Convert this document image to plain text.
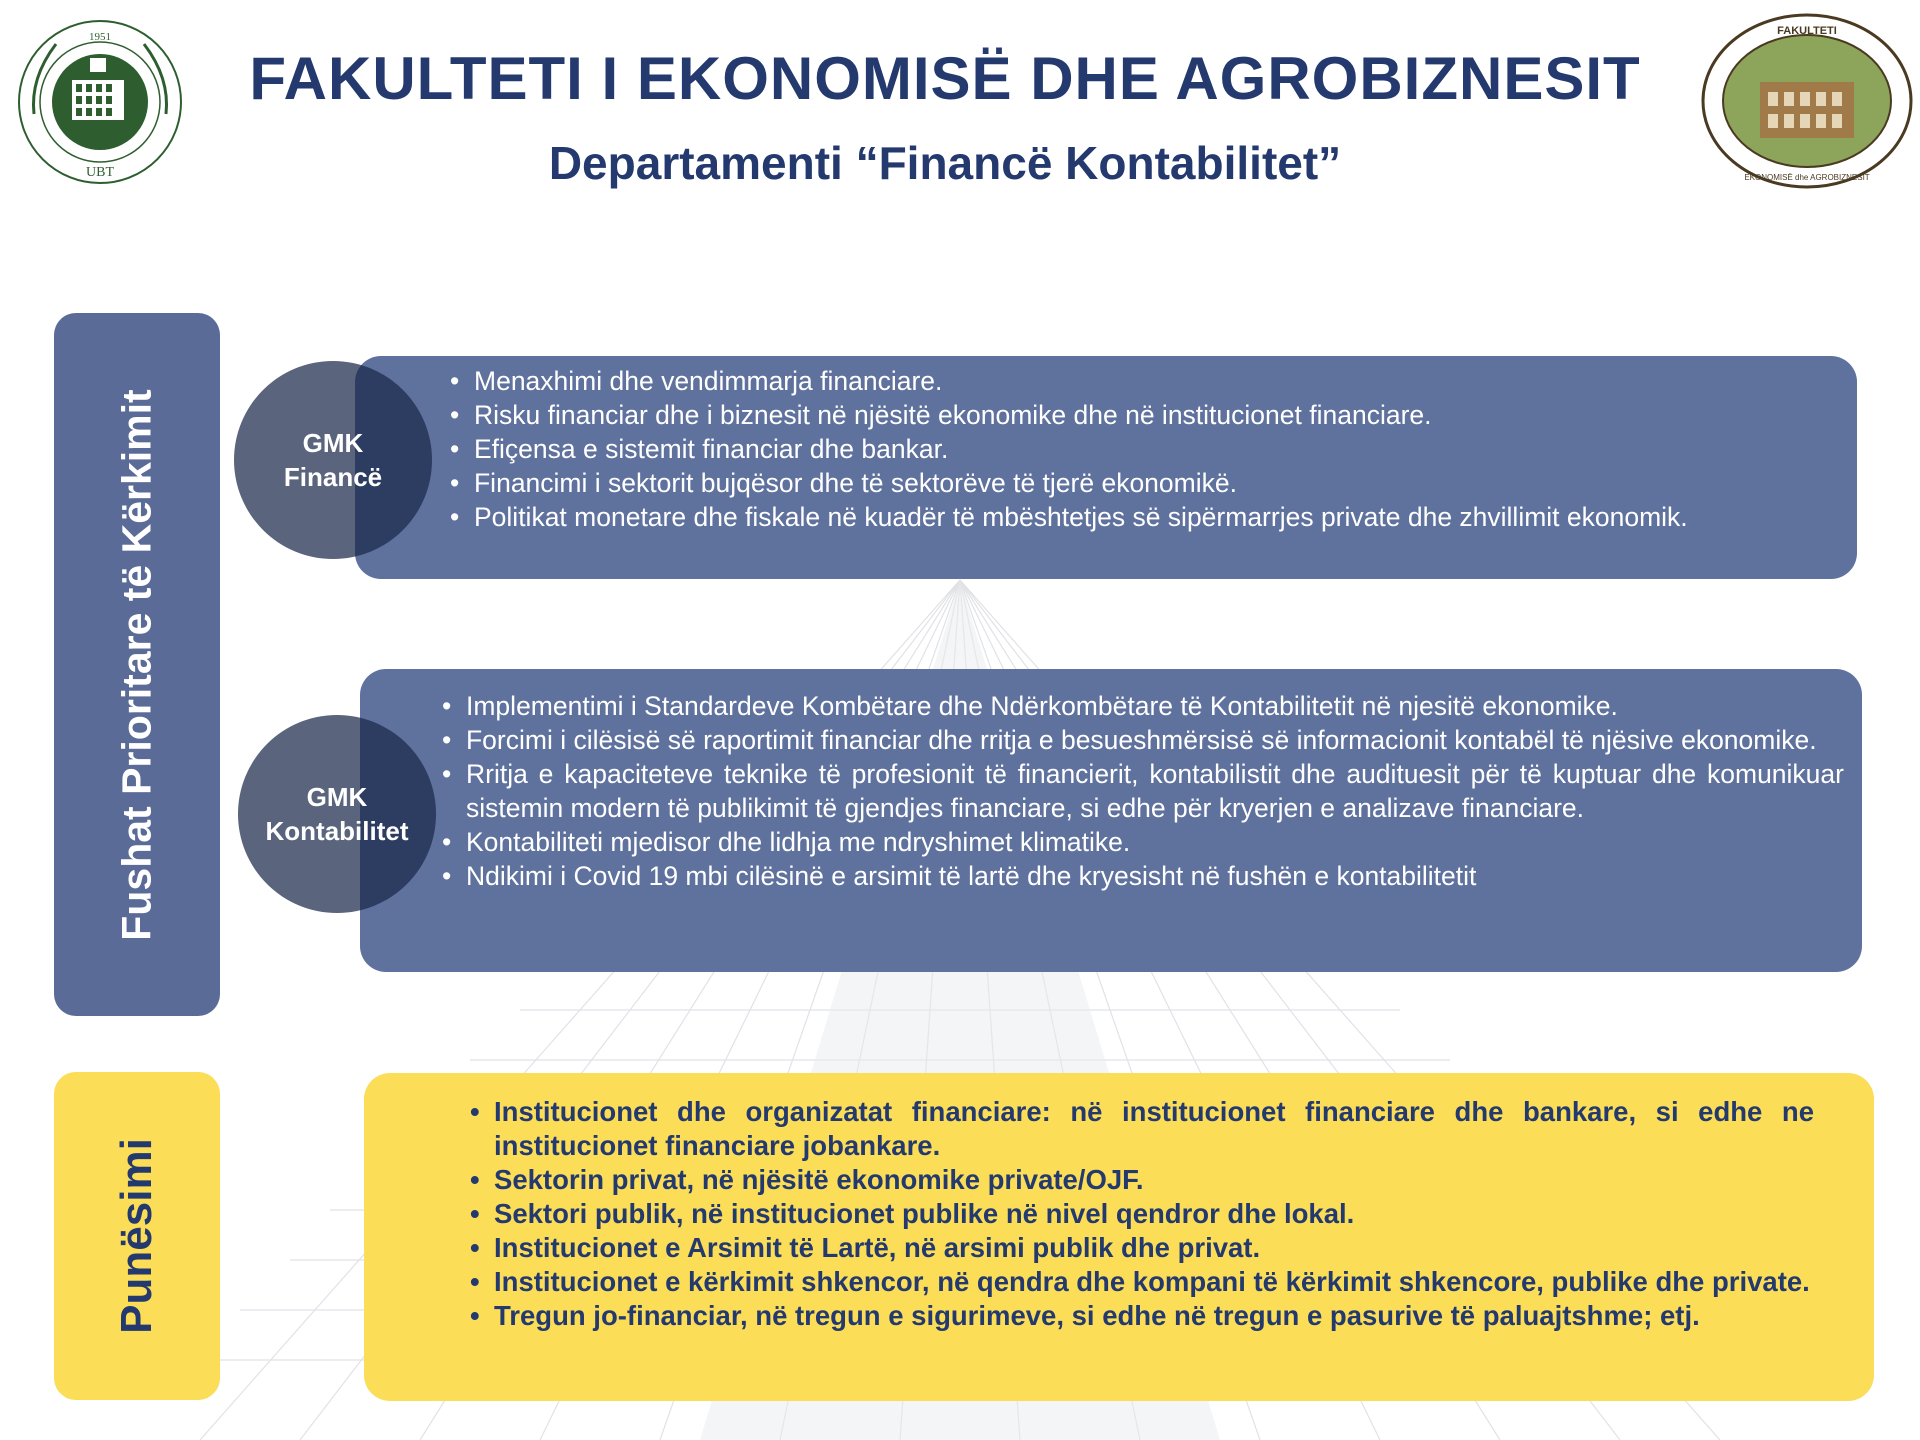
1951
UBT
FAKULTETI
EKONOMISË dhe AGROBIZNESIT
FAKULTETI I EKONOMISË DHE AGROBIZNESIT
Departamenti “Financë Kontabilitet”
Fushat Prioritare të Kërkimit
• Menaxhimi dhe vendimmarja financiare.
• Risku financiar dhe i biznesit në njësitë ekonomike dhe në institucionet financiare.
• Efiçensa e sistemit financiar dhe bankar.
• Financimi i sektorit bujqësor dhe të sektorëve të tjerë ekonomikë.
• Politikat monetare dhe fiskale në kuadër të mbështetjes së sipërmarrjes private dhe zhvillimit ekonomik.
GMK
Financë
• Implementimi i Standardeve Kombëtare dhe Ndërkombëtare të Kontabilitetit në njesitë ekonomike.
• Forcimi i cilësisë së raportimit financiar dhe rritja e besueshmërsisë së informacionit kontabël të njësive ekonomike.
• Rritja e kapaciteteve teknike të profesionit të financierit, kontabilistit dhe audituesit për të kuptuar dhe komunikuar sistemin modern të publikimit të gjendjes financiare, si edhe për kryerjen e analizave financiare.
• Kontabiliteti mjedisor dhe lidhja me ndryshimet klimatike.
• Ndikimi i Covid 19 mbi cilësinë e arsimit të lartë dhe kryesisht në fushën e kontabilitetit
GMK
Kontabilitet
Punësimi
• Institucionet dhe organizatat financiare: në institucionet financiare dhe bankare, si edhe ne institucionet financiare jobankare.
• Sektorin privat, në njësitë ekonomike private/OJF.
• Sektori publik, në institucionet publike në nivel qendror dhe lokal.
• Institucionet e Arsimit të Lartë, në arsimi publik dhe privat.
• Institucionet e kërkimit shkencor, në qendra dhe kompani të kërkimit shkencore, publike dhe private.
• Tregun jo-financiar, në tregun e sigurimeve, si edhe në tregun e pasurive të paluajtshme; etj.
